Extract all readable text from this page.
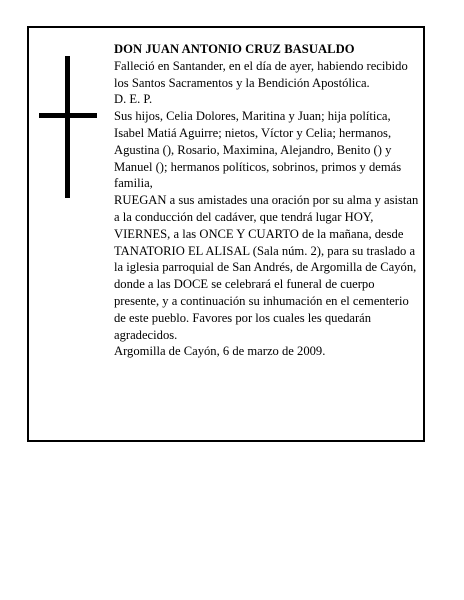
DON JUAN ANTONIO CRUZ BASUALDO

Falleció en Santander, en el día de ayer, habiendo recibido los Santos Sacramentos y la Bendición Apostólica.

D. E. P.

Sus hijos, Celia Dolores, Maritina y Juan; hija política, Isabel Matiá Aguirre; nietos, Víctor y Celia; hermanos, Agustina (), Rosario, Maximina, Alejandro, Benito () y Manuel (); hermanos políticos, sobrinos, primos y demás familia,

RUEGAN a sus amistades una oración por su alma y asistan a la conducción del cadáver, que tendrá lugar HOY, VIERNES, a las ONCE Y CUARTO de la mañana, desde TANATORIO EL ALISAL (Sala núm. 2), para su traslado a la iglesia parroquial de San Andrés, de Argomilla de Cayón, donde a las DOCE se celebrará el funeral de cuerpo presente, y a continuación su inhumación en el cementerio de este pueblo. Favores por los cuales les quedarán agradecidos.

Argomilla de Cayón, 6 de marzo de 2009.
